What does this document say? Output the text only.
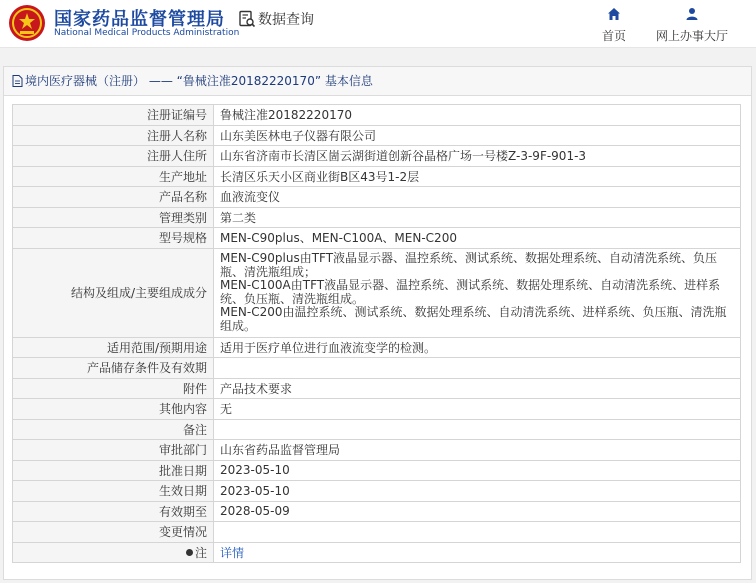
国家药品监督管理局
National Medical Products Administration
数据查询
首页	网上办事大厅
境内医疗器械（注册） —— “鲁械注准20182220170” 基本信息
注册证编号	鲁械注准20182220170
注册人名称	山东美医林电子仪器有限公司
注册人住所	山东省济南市长清区崮云湖街道创新谷晶格广场一号楼Z-3-9F-901-3
生产地址	长清区乐天小区商业街B区43号1-2层
产品名称	血液流变仪
管理类别	第二类
型号规格	MEN-C90plus、MEN-C100A、MEN-C200
结构及组成/主要组成成分	MEN-C90plus由TFT液晶显示器、温控系统、测试系统、数据处理系统、自动清洗系统、负压瓶、清洗瓶组成；
MEN-C100A由TFT液晶显示器、温控系统、测试系统、数据处理系统、自动清洗系统、进样系统、负压瓶、清洗瓶组成。
MEN-C200由温控系统、测试系统、数据处理系统、自动清洗系统、进样系统、负压瓶、清洗瓶组成。
适用范围/预期用途	适用于医疗单位进行血液流变学的检测。
产品储存条件及有效期	
附件	产品技术要求
其他内容	无
备注	
审批部门	山东省药品监督管理局
批准日期	2023-05-10
生效日期	2023-05-10
有效期至	2028-05-09
变更情况	
注	详情
